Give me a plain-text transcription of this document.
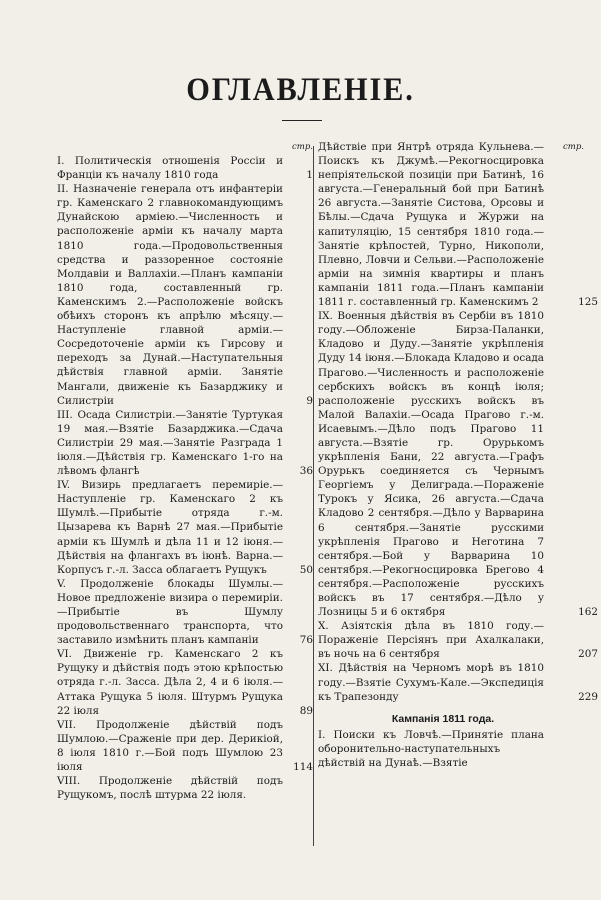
ОГЛАВЛЕНІЕ.
стр.

I. Политическія отношенія Россіи и Франціи къ началу 1810 года	1

II. Назначеніе генерала отъ инфантеріи гр. Каменскаго 2 главнокомандующимъ Дунайскою арміею.—Численность и расположеніе арміи къ началу марта 1810 года.—Продовольственныя средства и раззоренное состояніе Молдавіи и Валлахіи.—Планъ кампаніи 1810 года, составленный гр. Каменскимъ 2.—Расположеніе войскъ обѣихъ сторонъ къ апрѣлю мѣсяцу.—Наступленіе главной арміи.—Сосредоточеніе арміи къ Гирсову и переходъ за Дунай.—Наступательныя дѣйствія главной арміи. Занятіе Мангали, движеніе къ Базарджику и Силистріи	9

III. Осада Силистріи.—Занятіе Туртукая 19 мая.—Взятіе Базарджика.—Сдача Силистріи 29 мая.—Занятіе Разграда 1 іюля.—Дѣйствія гр. Каменскаго 1-го на лѣвомъ флангѣ	36

IV. Визирь предлагаетъ перемиріе.—Наступленіе гр. Каменскаго 2 къ Шумлѣ.—Прибытіе отряда г.-м. Цызарева къ Варнѣ 27 мая.—Прибытіе арміи къ Шумлѣ и дѣла 11 и 12 іюня.—Дѣйствія на флангахъ въ іюнѣ. Варна.—Корпусъ г.-л. Засса облагаетъ Рущукъ	50

V. Продолженіе блокады Шумлы.—Новое предложеніе визира о перемиріи.—Прибытіе въ Шумлу продовольственнаго транспорта, что заставило измѣнить планъ кампаніи	76

VI. Движеніе гр. Каменскаго 2 къ Рущуку и дѣйствія подъ этою крѣпостью отряда г.-л. Засса. Дѣла 2, 4 и 6 іюля.—Аттака Рущука 5 іюля. Штурмъ Рущука 22 іюля	89

VII. Продолженіе дѣйствій подъ Шумлою.—Сраженіе при дер. Дерикіой, 8 іюля 1810 г.—Бой подъ Шумлою 23 іюля	114

VIII. Продолженіе дѣйствій подъ Рущукомъ, послѣ штурма 22 іюля.

стр.

Дѣйствіе при Янтрѣ отряда Кульнева.—Поискъ къ Джумѣ.—Рекогносцировка непріятельской позиціи при Батинѣ, 16 августа.—Генеральный бой при Батинѣ 26 августа.—Занятіе Систова, Орсовы и Бѣлы.—Сдача Рущука и Журжи на капитуляцію, 15 сентября 1810 года.—Занятіе крѣпостей, Турно, Никополи, Плевно, Ловчи и Сельви.—Расположеніе арміи на зимнія квартиры и планъ кампаніи 1811 года.—Планъ кампаніи 1811 г. составленный гр. Каменскимъ 2	125

IX. Военныя дѣйствія въ Сербіи въ 1810 году.—Обложеніе Бирза-Паланки, Кладово и Дуду.—Занятіе укрѣпленія Дуду 14 іюня.—Блокада Кладово и осада Прагово.—Численность и расположеніе сербскихъ войскъ въ концѣ іюля; расположеніе русскихъ войскъ въ Малой Валахіи.—Осада Прагово г.-м. Исаевымъ.—Дѣло подъ Прагово 11 августа.—Взятіе гр. Орурькомъ укрѣпленія Бани, 22 августа.—Графъ Орурькъ соединяется съ Чернымъ Георгіемъ у Делиграда.—Пораженіе Турокъ у Ясика, 26 августа.—Сдача Кладово 2 сентября.—Дѣло у Варварина 6 сентября.—Занятіе русскими укрѣпленія Прагово и Неготина 7 сентября.—Бой у Варварина 10 сентября.—Рекогносцировка Брегово 4 сентября.—Расположеніе русскихъ войскъ въ 17 сентября.—Дѣло у Лозницы 5 и 6 октября	162

X. Азіятскія дѣла въ 1810 году.—Пораженіе Персіянъ при Ахалкалаки, въ ночь на 6 сентября	207

XI. Дѣйствія на Черномъ морѣ въ 1810 году.—Взятіе Сухумъ-Кале.—Экспедиція къ Трапезонду	229

Кампанія 1811 года.

I. Поиски къ Ловчѣ.—Принятіе плана оборонительно-наступательныхъ дѣйствій на Дунаѣ.—Взятіе
